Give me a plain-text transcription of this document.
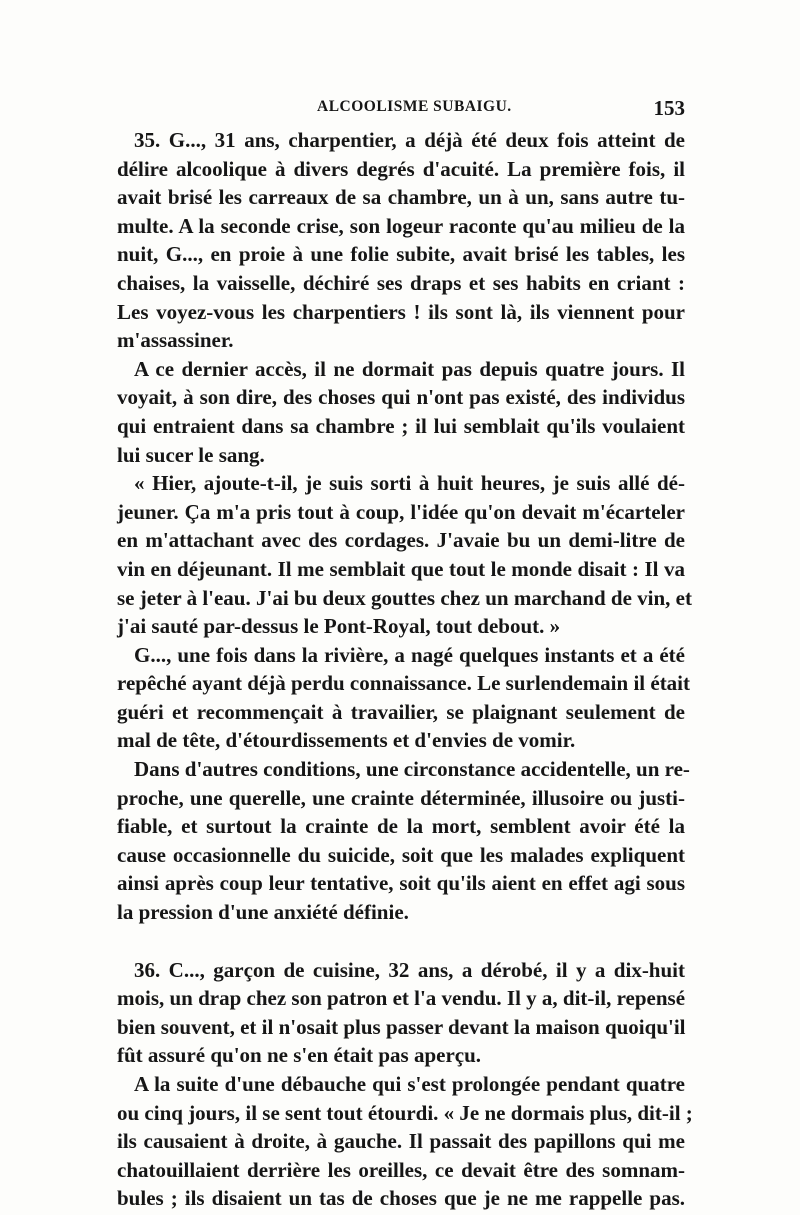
ALCOOLISME SUBAIGU.	153
35. G..., 31 ans, charpentier, a déjà été deux fois atteint de
délire alcoolique à divers degrés d'acuité. La première fois, il
avait brisé les carreaux de sa chambre, un à un, sans autre tu-
multe. A la seconde crise, son logeur raconte qu'au milieu de la
nuit, G..., en proie à une folie subite, avait brisé les tables, les
chaises, la vaisselle, déchiré ses draps et ses habits en criant :
Les voyez-vous les charpentiers ! ils sont là, ils viennent pour
m'assassiner.
A ce dernier accès, il ne dormait pas depuis quatre jours. Il
voyait, à son dire, des choses qui n'ont pas existé, des individus
qui entraient dans sa chambre ; il lui semblait qu'ils voulaient
lui sucer le sang.
« Hier, ajoute-t-il, je suis sorti à huit heures, je suis allé dé-
jeuner. Ça m'a pris tout à coup, l'idée qu'on devait m'écarteler
en m'attachant avec des cordages. J'avaie bu un demi-litre de
vin en déjeunant. Il me semblait que tout le monde disait : Il va
se jeter à l'eau. J'ai bu deux gouttes chez un marchand de vin, et
j'ai sauté par-dessus le Pont-Royal, tout debout. »
G..., une fois dans la rivière, a nagé quelques instants et a été
repêché ayant déjà perdu connaissance. Le surlendemain il était
guéri et recommençait à travailier, se plaignant seulement de
mal de tête, d'étourdissements et d'envies de vomir.
Dans d'autres conditions, une circonstance accidentelle, un re-
proche, une querelle, une crainte déterminée, illusoire ou justi-
fiable, et surtout la crainte de la mort, semblent avoir été la
cause occasionnelle du suicide, soit que les malades expliquent
ainsi après coup leur tentative, soit qu'ils aient en effet agi sous
la pression d'une anxiété définie.
36. C..., garçon de cuisine, 32 ans, a dérobé, il y a dix-huit
mois, un drap chez son patron et l'a vendu. Il y a, dit-il, repensé
bien souvent, et il n'osait plus passer devant la maison quoiqu'il
fût assuré qu'on ne s'en était pas aperçu.
A la suite d'une débauche qui s'est prolongée pendant quatre
ou cinq jours, il se sent tout étourdi. « Je ne dormais plus, dit-il ;
ils causaient à droite, à gauche. Il passait des papillons qui me
chatouillaient derrière les oreilles, ce devait être des somnam-
bules ; ils disaient un tas de choses que je ne me rappelle pas.
